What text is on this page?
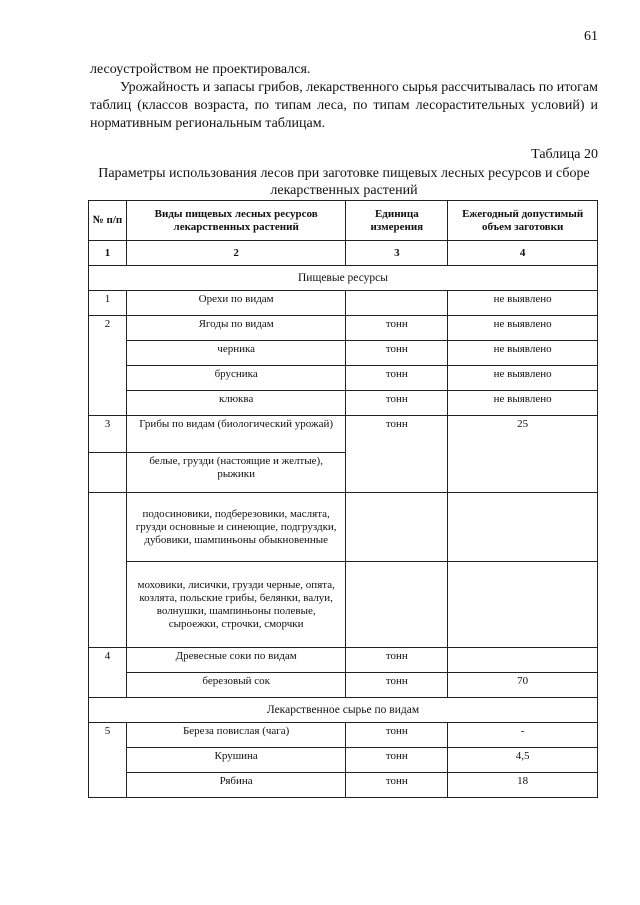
61
лесоустройством не проектировался.
Урожайность и запасы грибов, лекарственного сырья рассчитывалась по итогам таблиц (классов возраста, по типам леса, по типам лесорастительных условий) и нормативным региональным таблицам.
Таблица 20
Параметры использования лесов при заготовке пищевых лесных ресурсов и сборе лекарственных растений
№ п/п	Виды пищевых лесных ресурсов лекарственных растений	Единица измерения	Ежегодный допустимый объем заготовки
1	2	3	4
Пищевые ресурсы			
1	Орехи по видам		не выявлено
2	Ягоды по видам	тонн	не выявлено
	черника	тонн	не выявлено
	брусника	тонн	не выявлено
	клюква	тонн	не выявлено
3	Грибы по видам (биологический урожай)	тонн	25
	белые, грузди (настоящие и желтые), рыжики		
	подосиновики, подберезовики, маслята, грузди основные и синеющие, подгруздки, дубовики, шампиньоны обыкновенные		
	моховики, лисички, грузди черные, опята, козлята, польские грибы, белянки, валуи, волнушки, шампиньоны полевые, сыроежки, строчки, сморчки		
4	Древесные соки по видам	тонн	
	березовый сок	тонн	70
Лекарственное сырье по видам			
5	Береза повислая (чага)	тонн	-
	Крушина	тонн	4,5
	Рябина	тонн	18
